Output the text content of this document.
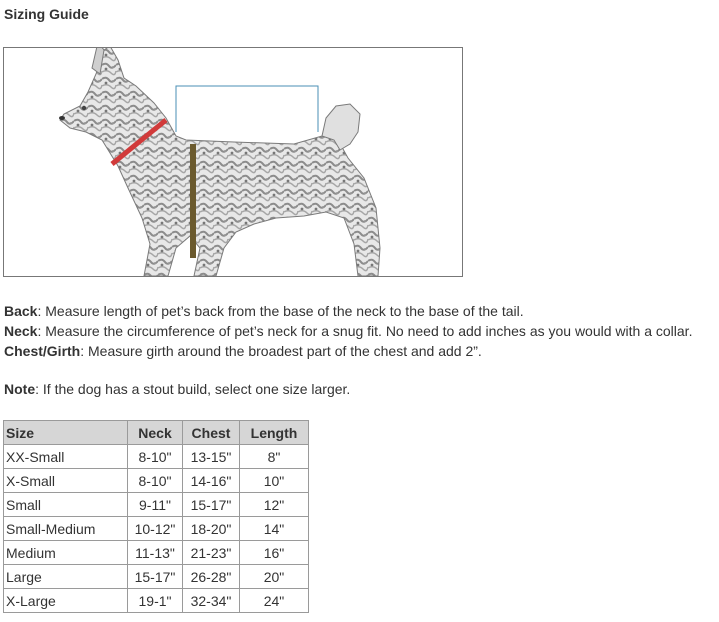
Sizing Guide
Back: Measure length of pet’s back from the base of the neck to the base of the tail.
Neck: Measure the circumference of pet’s neck for a snug fit. No need to add inches as you would with a collar.
Chest/Girth: Measure girth around the broadest part of the chest and add 2”.
Note: If the dog has a stout build, select one size larger.
Size	Neck	Chest	Length
XX-Small	8-10"	13-15"	8"
X-Small	8-10"	14-16"	10"
Small	9-11"	15-17"	12"
Small-Medium	10-12"	18-20"	14"
Medium	11-13"	21-23"	16"
Large	15-17"	26-28"	20"
X-Large	19-1"	32-34"	24"
